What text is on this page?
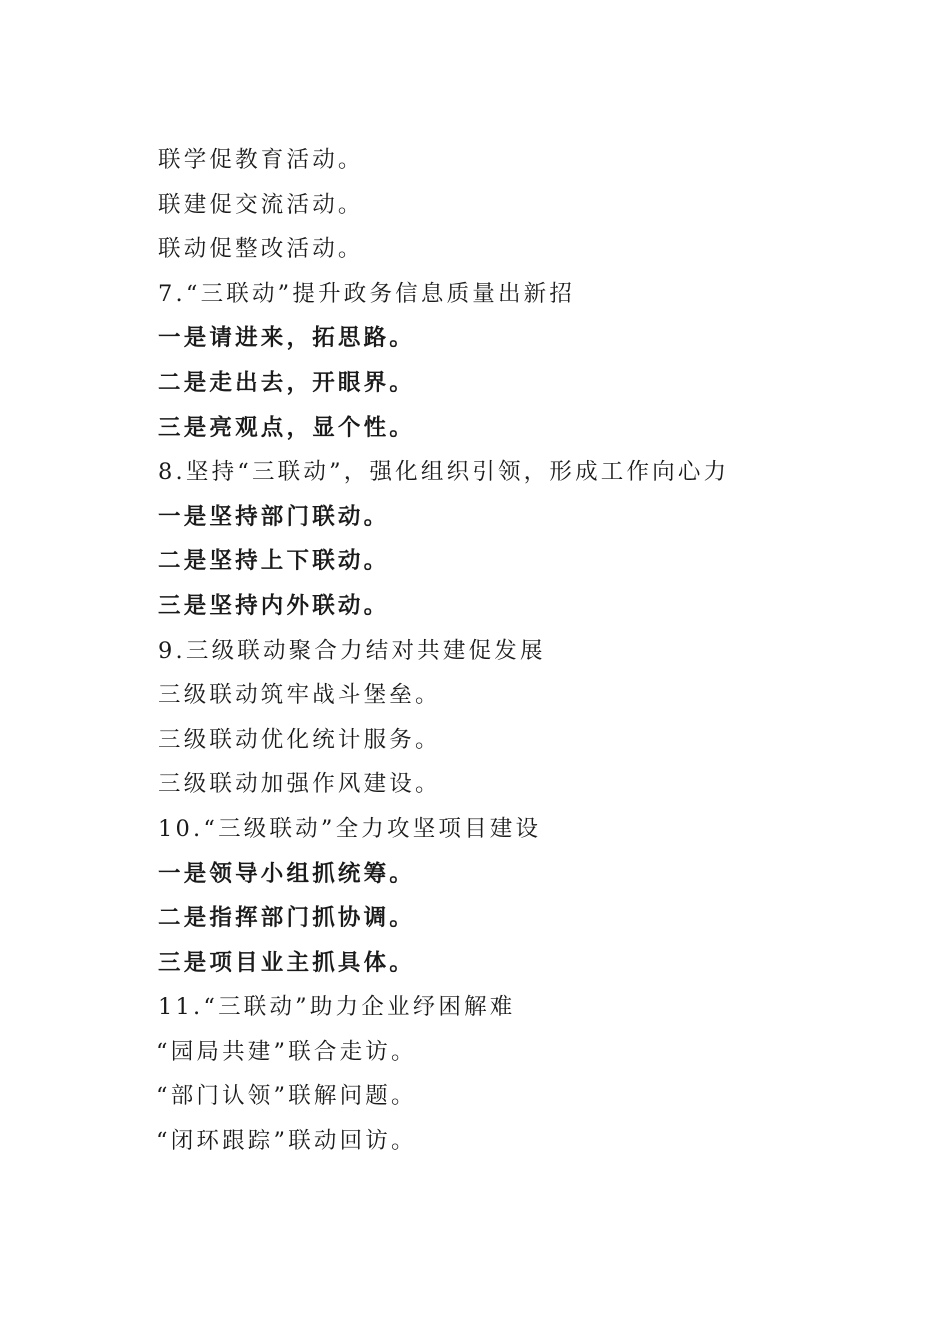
联学促教育活动。
联建促交流活动。
联动促整改活动。
7.“三联动”提升政务信息质量出新招
一是请进来，拓思路。
二是走出去，开眼界。
三是亮观点，显个性。
8.坚持“三联动”，强化组织引领，形成工作向心力
一是坚持部门联动。
二是坚持上下联动。
三是坚持内外联动。
9.三级联动聚合力结对共建促发展
三级联动筑牢战斗堡垒。
三级联动优化统计服务。
三级联动加强作风建设。
10.“三级联动”全力攻坚项目建设
一是领导小组抓统筹。
二是指挥部门抓协调。
三是项目业主抓具体。
11.“三联动”助力企业纾困解难
“园局共建”联合走访。
“部门认领”联解问题。
“闭环跟踪”联动回访。
